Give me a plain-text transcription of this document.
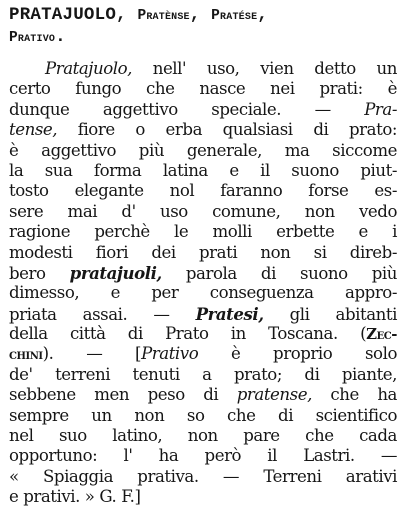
PRATAJUOLO, Pratènse, Pratése,
Prativo.

Pratajuolo, nell' uso, vien detto un
certo fungo che nasce nei prati: è
dunque aggettivo speciale. — Pra-
tense, fiore o erba qualsiasi di prato:
è aggettivo più generale, ma siccome
la sua forma latina e il suono piut-
tosto elegante nol faranno forse es-
sere mai d' uso comune, non vedo
ragione perchè le molli erbette e i
modesti fiori dei prati non si direb-
bero pratajuoli, parola di suono più
dimesso, e per conseguenza appro-
priata assai. — Pratesi, gli abitanti
della città di Prato in Toscana. (Zec-
chini). — [Prativo è proprio solo
de' terreni tenuti a prato; di piante,
sebbene men peso di pratense, che ha
sempre un non so che di scientifico
nel suo latino, non pare che cada
opportuno: l' ha però il Lastri. —
« Spiaggia prativa. — Terreni arativi
e prativi. » G. F.]
